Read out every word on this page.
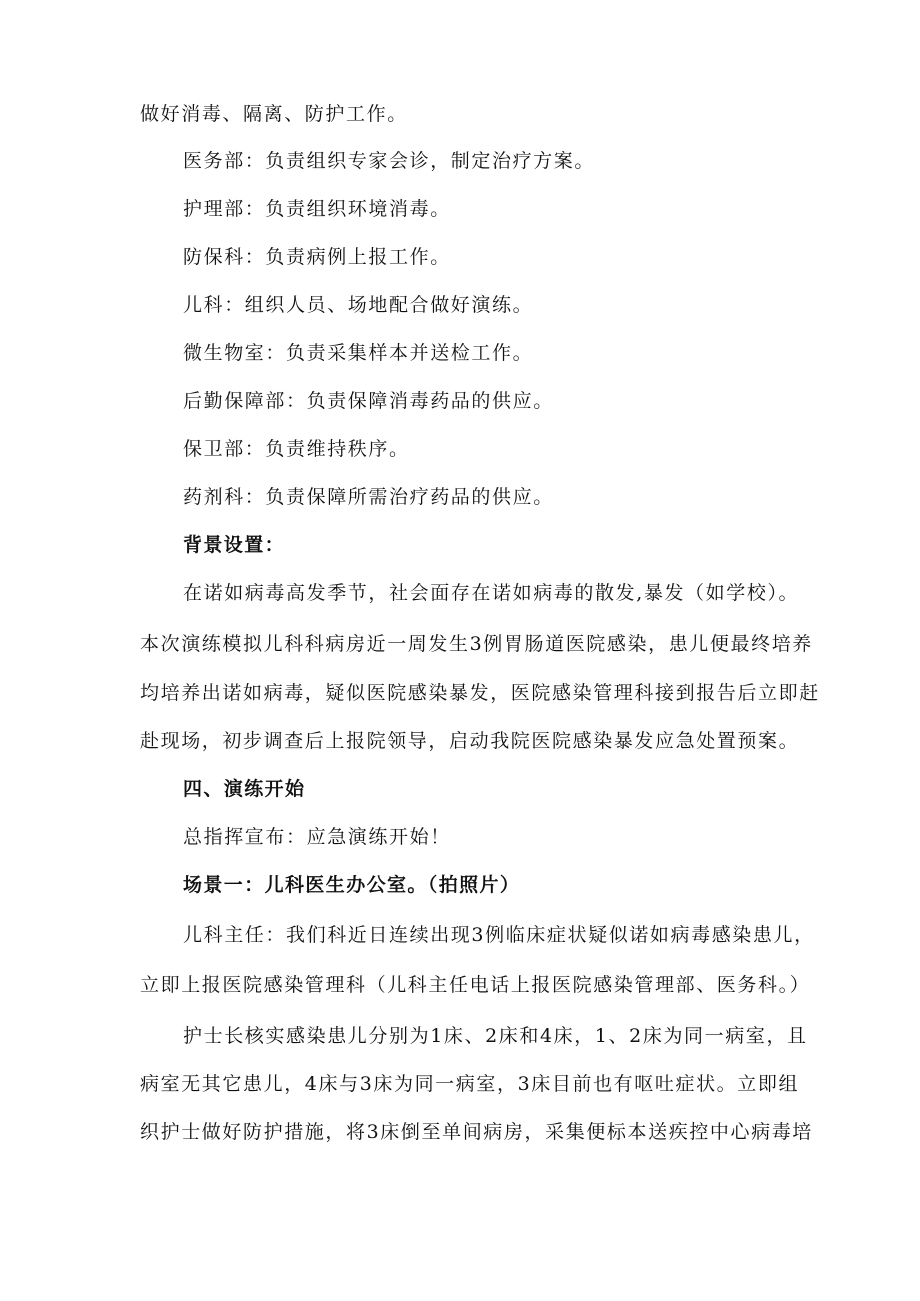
做好消毒、隔离、防护工作。
医务部：负责组织专家会诊，制定治疗方案。
护理部：负责组织环境消毒。
防保科：负责病例上报工作。
儿科：组织人员、场地配合做好演练。
微生物室：负责采集样本并送检工作。
后勤保障部：负责保障消毒药品的供应。
保卫部：负责维持秩序。
药剂科：负责保障所需治疗药品的供应。
背景设置：
在诺如病毒高发季节，社会面存在诺如病毒的散发,暴发（如学校）。
本次演练模拟儿科科病房近一周发生3例胃肠道医院感染，患儿便最终培养
均培养出诺如病毒，疑似医院感染暴发，医院感染管理科接到报告后立即赶
赴现场，初步调查后上报院领导，启动我院医院感染暴发应急处置预案。
四、演练开始
总指挥宣布：应急演练开始！
场景一：儿科医生办公室。（拍照片）
儿科主任：我们科近日连续出现3例临床症状疑似诺如病毒感染患儿，
立即上报医院感染管理科（儿科主任电话上报医院感染管理部、医务科。）
护士长核实感染患儿分别为1床、2床和4床，1、2床为同一病室，且
病室无其它患儿，4床与3床为同一病室，3床目前也有呕吐症状。立即组
织护士做好防护措施，将3床倒至单间病房，采集便标本送疾控中心病毒培
